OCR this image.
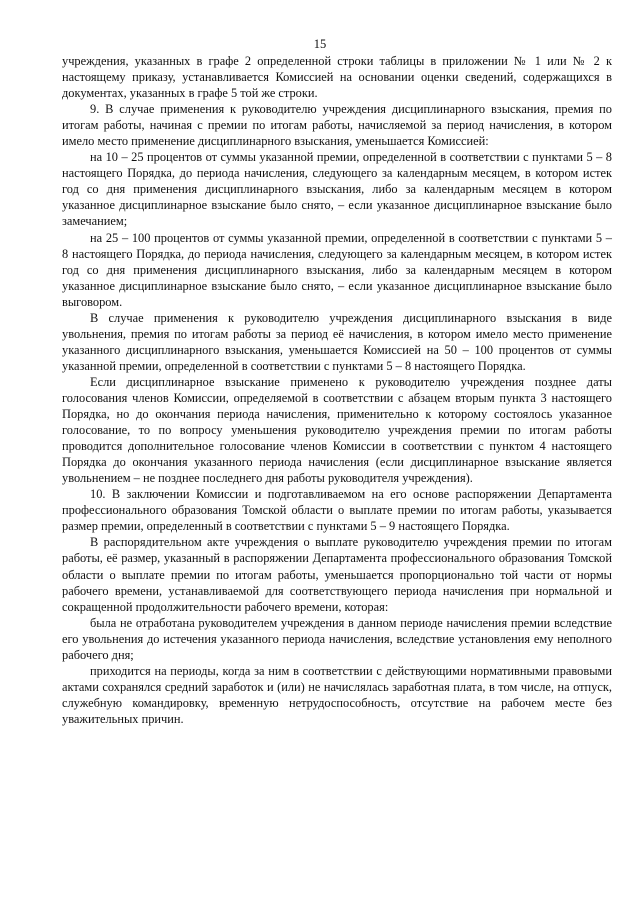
15

учреждения, указанных в графе 2 определенной строки таблицы в приложении № 1 или № 2 к настоящему приказу, устанавливается Комиссией на основании оценки сведений, содержащихся в документах, указанных в графе 5 той же строки.

9. В случае применения к руководителю учреждения дисциплинарного взыскания, премия по итогам работы, начиная с премии по итогам работы, начисляемой за период начисления, в котором имело место применение дисциплинарного взыскания, уменьшается Комиссией:

на 10 – 25 процентов от суммы указанной премии, определенной в соответствии с пунктами 5 – 8 настоящего Порядка, до периода начисления, следующего за календарным месяцем, в котором истек год со дня применения дисциплинарного взыскания, либо за календарным месяцем в котором указанное дисциплинарное взыскание было снято, – если указанное дисциплинарное взыскание было замечанием;

на 25 – 100 процентов от суммы указанной премии, определенной в соответствии с пунктами 5 – 8 настоящего Порядка, до периода начисления, следующего за календарным месяцем, в котором истек год со дня применения дисциплинарного взыскания, либо за календарным месяцем в котором указанное дисциплинарное взыскание было снято, – если указанное дисциплинарное взыскание было выговором.

В случае применения к руководителю учреждения дисциплинарного взыскания в виде увольнения, премия по итогам работы за период её начисления, в котором имело место применение указанного дисциплинарного взыскания, уменьшается Комиссией на 50 – 100 процентов от суммы указанной премии, определенной в соответствии с пунктами 5 – 8 настоящего Порядка.

Если дисциплинарное взыскание применено к руководителю учреждения позднее даты голосования членов Комиссии, определяемой в соответствии с абзацем вторым пункта 3 настоящего Порядка, но до окончания периода начисления, применительно к которому состоялось указанное голосование, то по вопросу уменьшения руководителю учреждения премии по итогам работы проводится дополнительное голосование членов Комиссии в соответствии с пунктом 4 настоящего Порядка до окончания указанного периода начисления (если дисциплинарное взыскание является увольнением – не позднее последнего дня работы руководителя учреждения).

10. В заключении Комиссии и подготавливаемом на его основе распоряжении Департамента профессионального образования Томской области о выплате премии по итогам работы, указывается размер премии, определенный в соответствии с пунктами 5 – 9 настоящего Порядка.

В распорядительном акте учреждения о выплате руководителю учреждения премии по итогам работы, её размер, указанный в распоряжении Департамента профессионального образования Томской области о выплате премии по итогам работы, уменьшается пропорционально той части от нормы рабочего времени, устанавливаемой для соответствующего периода начисления при нормальной и сокращенной продолжительности рабочего времени, которая:

была не отработана руководителем учреждения в данном периоде начисления премии вследствие его увольнения до истечения указанного периода начисления, вследствие установления ему неполного рабочего дня;

приходится на периоды, когда за ним в соответствии с действующими нормативными правовыми актами сохранялся средний заработок и (или) не начислялась заработная плата, в том числе, на отпуск, служебную командировку, временную нетрудоспособность, отсутствие на рабочем месте без уважительных причин.
